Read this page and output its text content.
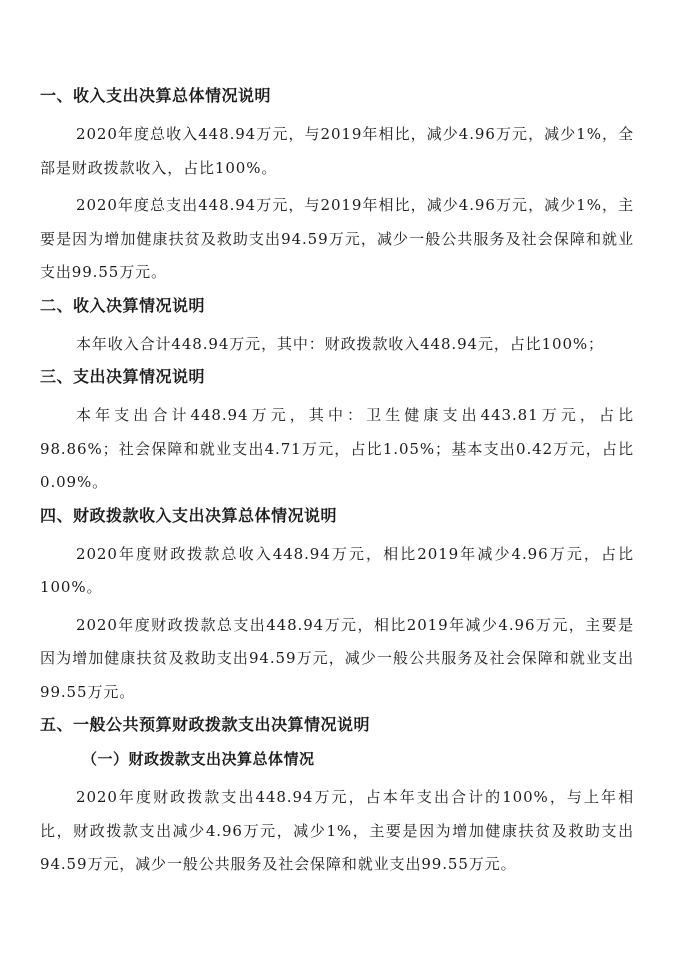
一、收入支出决算总体情况说明

2020年度总收入448.94万元，与2019年相比，减少4.96万元，减少1%，全部是财政拨款收入，占比100%。

2020年度总支出448.94万元，与2019年相比，减少4.96万元，减少1%，主要是因为增加健康扶贫及救助支出94.59万元，减少一般公共服务及社会保障和就业支出99.55万元。

二、收入决算情况说明

本年收入合计448.94万元，其中：财政拨款收入448.94元，占比100%；

三、支出决算情况说明

本年支出合计448.94万元，其中：卫生健康支出443.81万元，占比98.86%；社会保障和就业支出4.71万元，占比1.05%；基本支出0.42万元，占比0.09%。

四、财政拨款收入支出决算总体情况说明

2020年度财政拨款总收入448.94万元，相比2019年减少4.96万元，占比100%。

2020年度财政拨款总支出448.94万元，相比2019年减少4.96万元，主要是因为增加健康扶贫及救助支出94.59万元，减少一般公共服务及社会保障和就业支出99.55万元。

五、一般公共预算财政拨款支出决算情况说明
（一）财政拨款支出决算总体情况

2020年度财政拨款支出448.94万元，占本年支出合计的100%，与上年相比，财政拨款支出减少4.96万元，减少1%，主要是因为增加健康扶贫及救助支出94.59万元，减少一般公共服务及社会保障和就业支出99.55万元。
